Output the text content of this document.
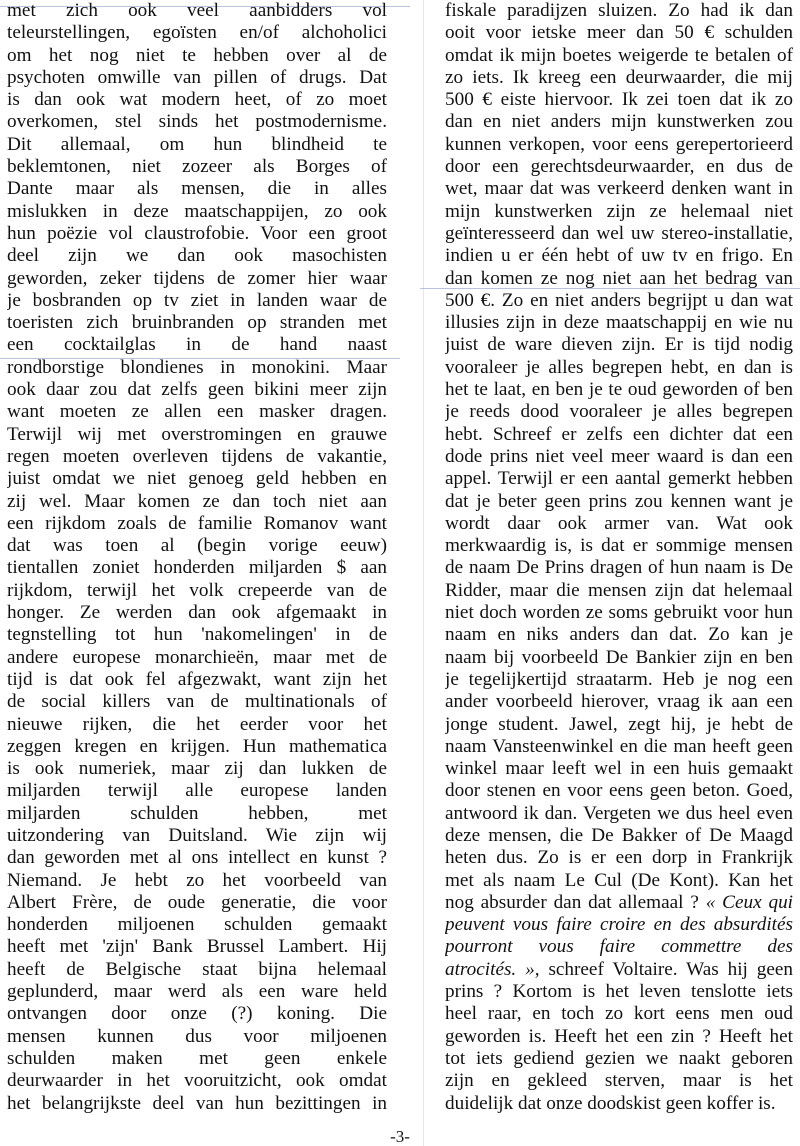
met zich ook veel aanbidders vol
teleurstellingen, egoïsten en/of alchoholici
om het nog niet te hebben over al de
psychoten omwille van pillen of drugs. Dat
is dan ook wat modern heet, of zo moet
overkomen, stel sinds het postmodernisme.
Dit allemaal, om hun blindheid te
beklemtonen, niet zozeer als Borges of
Dante maar als mensen, die in alles
mislukken in deze maatschappijen, zo ook
hun poëzie vol claustrofobie. Voor een groot
deel zijn we dan ook masochisten
geworden, zeker tijdens de zomer hier waar
je bosbranden op tv ziet in landen waar de
toeristen zich bruinbranden op stranden met
een cocktailglas in de hand naast
rondborstige blondienes in monokini. Maar
ook daar zou dat zelfs geen bikini meer zijn
want moeten ze allen een masker dragen.
Terwijl wij met overstromingen en grauwe
regen moeten overleven tijdens de vakantie,
juist omdat we niet genoeg geld hebben en
zij wel. Maar komen ze dan toch niet aan
een rijkdom zoals de familie Romanov want
dat was toen al (begin vorige eeuw)
tientallen zoniet honderden miljarden $ aan
rijkdom, terwijl het volk crepeerde van de
honger. Ze werden dan ook afgemaakt in
tegnstelling tot hun 'nakomelingen' in de
andere europese monarchieën, maar met de
tijd is dat ook fel afgezwakt, want zijn het
de social killers van de multinationals of
nieuwe rijken, die het eerder voor het
zeggen kregen en krijgen. Hun mathematica
is ook numeriek, maar zij dan lukken de
miljarden terwijl alle europese landen
miljarden schulden hebben, met
uitzondering van Duitsland. Wie zijn wij
dan geworden met al ons intellect en kunst ?
Niemand. Je hebt zo het voorbeeld van
Albert Frère, de oude generatie, die voor
honderden miljoenen schulden gemaakt
heeft met 'zijn' Bank Brussel Lambert. Hij
heeft de Belgische staat bijna helemaal
geplunderd, maar werd als een ware held
ontvangen door onze (?) koning. Die
mensen kunnen dus voor miljoenen
schulden maken met geen enkele
deurwaarder in het vooruitzicht, ook omdat
het belangrijkste deel van hun bezittingen in
fiskale paradijzen sluizen. Zo had ik dan
ooit voor ietske meer dan 50 € schulden
omdat ik mijn boetes weigerde te betalen of
zo iets. Ik kreeg een deurwaarder, die mij
500 € eiste hiervoor. Ik zei toen dat ik zo
dan en niet anders mijn kunstwerken zou
kunnen verkopen, voor eens gerepertorieerd
door een gerechtsdeurwaarder, en dus de
wet, maar dat was verkeerd denken want in
mijn kunstwerken zijn ze helemaal niet
geïnteresseerd dan wel uw stereo-installatie,
indien u er één hebt of uw tv en frigo. En
dan komen ze nog niet aan het bedrag van
500 €. Zo en niet anders begrijpt u dan wat
illusies zijn in deze maatschappij en wie nu
juist de ware dieven zijn. Er is tijd nodig
vooraleer je alles begrepen hebt, en dan is
het te laat, en ben je te oud geworden of ben
je reeds dood vooraleer je alles begrepen
hebt. Schreef er zelfs een dichter dat een
dode prins niet veel meer waard is dan een
appel. Terwijl er een aantal gemerkt hebben
dat je beter geen prins zou kennen want je
wordt daar ook armer van. Wat ook
merkwaardig is, is dat er sommige mensen
de naam De Prins dragen of hun naam is De
Ridder, maar die mensen zijn dat helemaal
niet doch worden ze soms gebruikt voor hun
naam en niks anders dan dat. Zo kan je
naam bij voorbeeld De Bankier zijn en ben
je tegelijkertijd straatarm. Heb je nog een
ander voorbeeld hierover, vraag ik aan een
jonge student. Jawel, zegt hij, je hebt de
naam Vansteenwinkel en die man heeft geen
winkel maar leeft wel in een huis gemaakt
door stenen en voor eens geen beton. Goed,
antwoord ik dan. Vergeten we dus heel even
deze mensen, die De Bakker of De Maagd
heten dus. Zo is er een dorp in Frankrijk
met als naam Le Cul (De Kont). Kan het
nog absurder dan dat allemaal ? « Ceux qui
peuvent vous faire croire en des absurdités
pourront vous faire commettre des
atrocités. », schreef Voltaire. Was hij geen
prins ? Kortom is het leven tenslotte iets
heel raar, en toch zo kort eens men oud
geworden is. Heeft het een zin ? Heeft het
tot iets gediend gezien we naakt geboren
zijn en gekleed sterven, maar is het
duidelijk dat onze doodskist geen koffer is.
-3-
